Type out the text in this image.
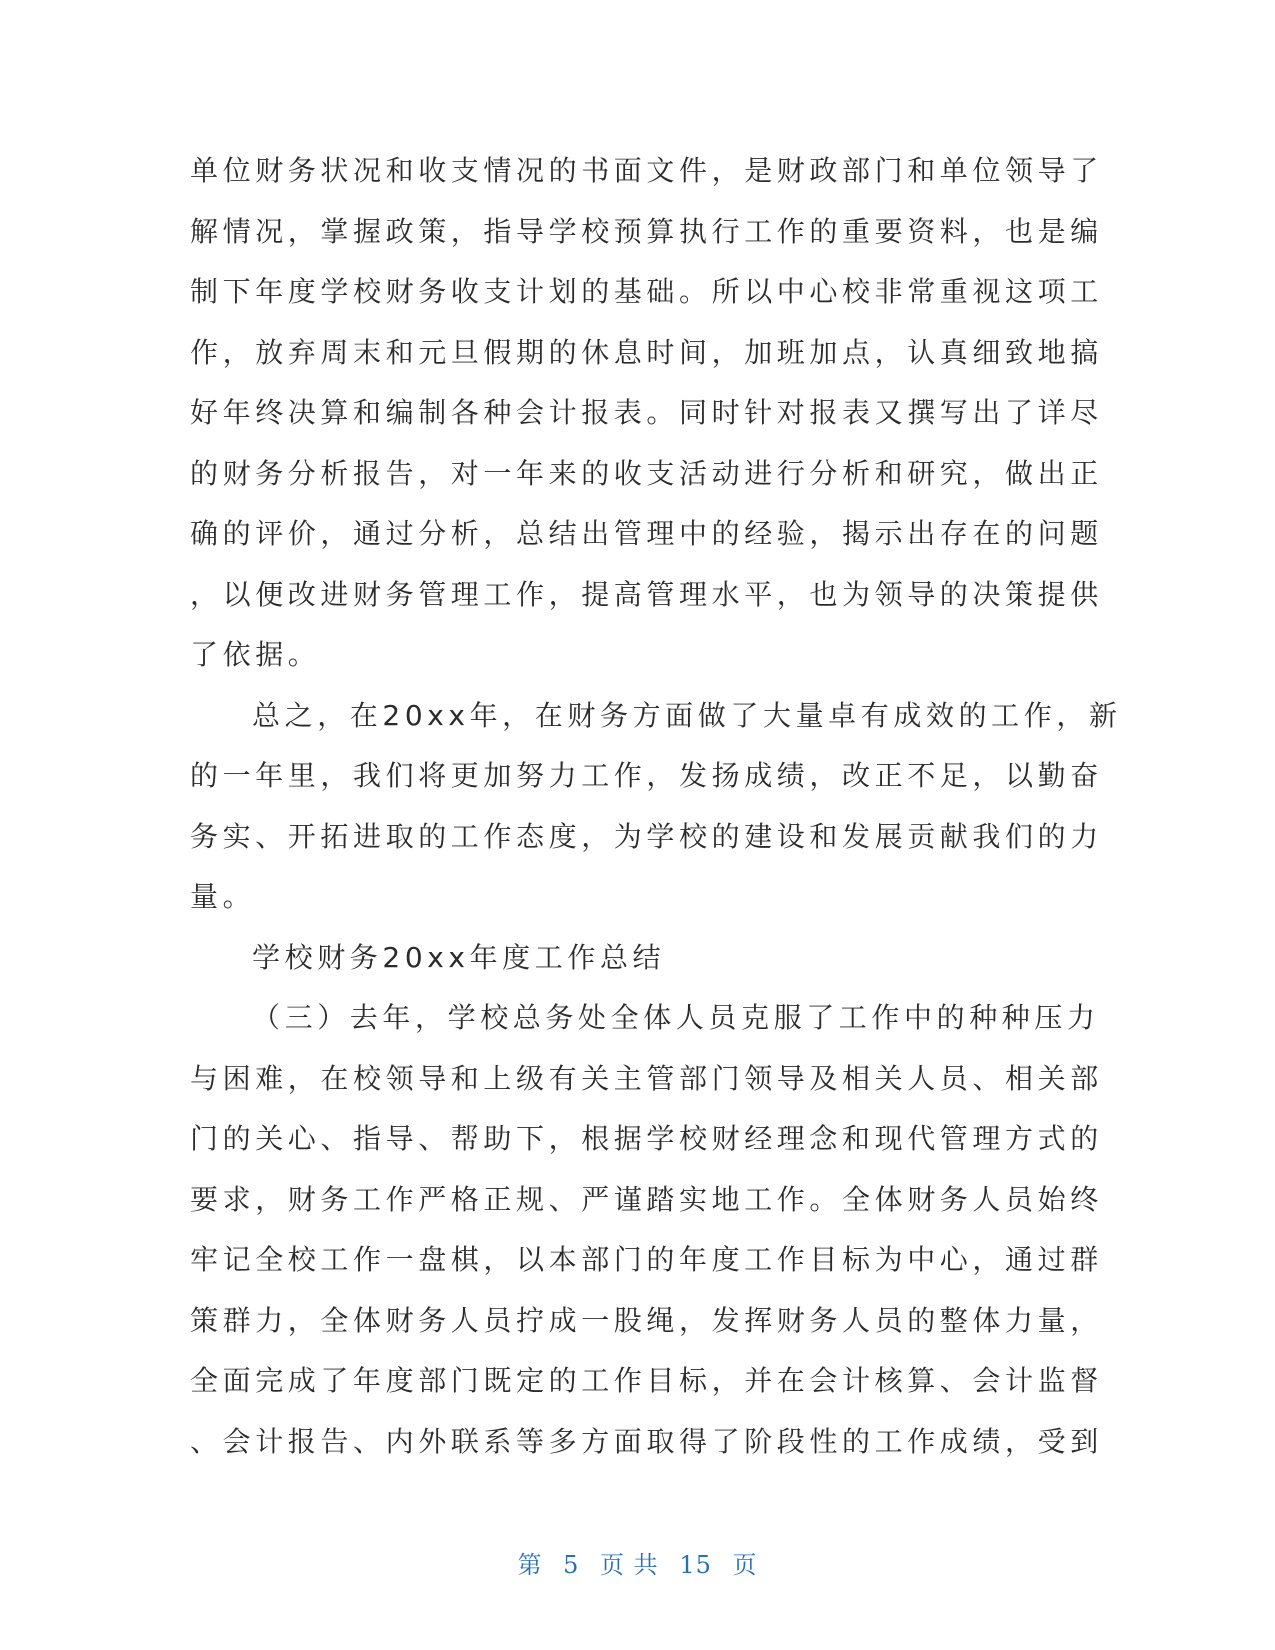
单位财务状况和收支情况的书面文件，是财政部门和单位领导了
解情况，掌握政策，指导学校预算执行工作的重要资料，也是编
制下年度学校财务收支计划的基础。所以中心校非常重视这项工
作，放弃周末和元旦假期的休息时间，加班加点，认真细致地搞
好年终决算和编制各种会计报表。同时针对报表又撰写出了详尽
的财务分析报告，对一年来的收支活动进行分析和研究，做出正
确的评价，通过分析，总结出管理中的经验，揭示出存在的问题
，以便改进财务管理工作，提高管理水平，也为领导的决策提供
了依据。
总之，在20xx年，在财务方面做了大量卓有成效的工作，新
的一年里，我们将更加努力工作，发扬成绩，改正不足，以勤奋
务实、开拓进取的工作态度，为学校的建设和发展贡献我们的力
量。
学校财务20xx年度工作总结
（三）去年，学校总务处全体人员克服了工作中的种种压力
与困难，在校领导和上级有关主管部门领导及相关人员、相关部
门的关心、指导、帮助下，根据学校财经理念和现代管理方式的
要求，财务工作严格正规、严谨踏实地工作。全体财务人员始终
牢记全校工作一盘棋，以本部门的年度工作目标为中心，通过群
策群力，全体财务人员拧成一股绳，发挥财务人员的整体力量，
全面完成了年度部门既定的工作目标，并在会计核算、会计监督
、会计报告、内外联系等多方面取得了阶段性的工作成绩，受到
第 5 页 共 15 页
